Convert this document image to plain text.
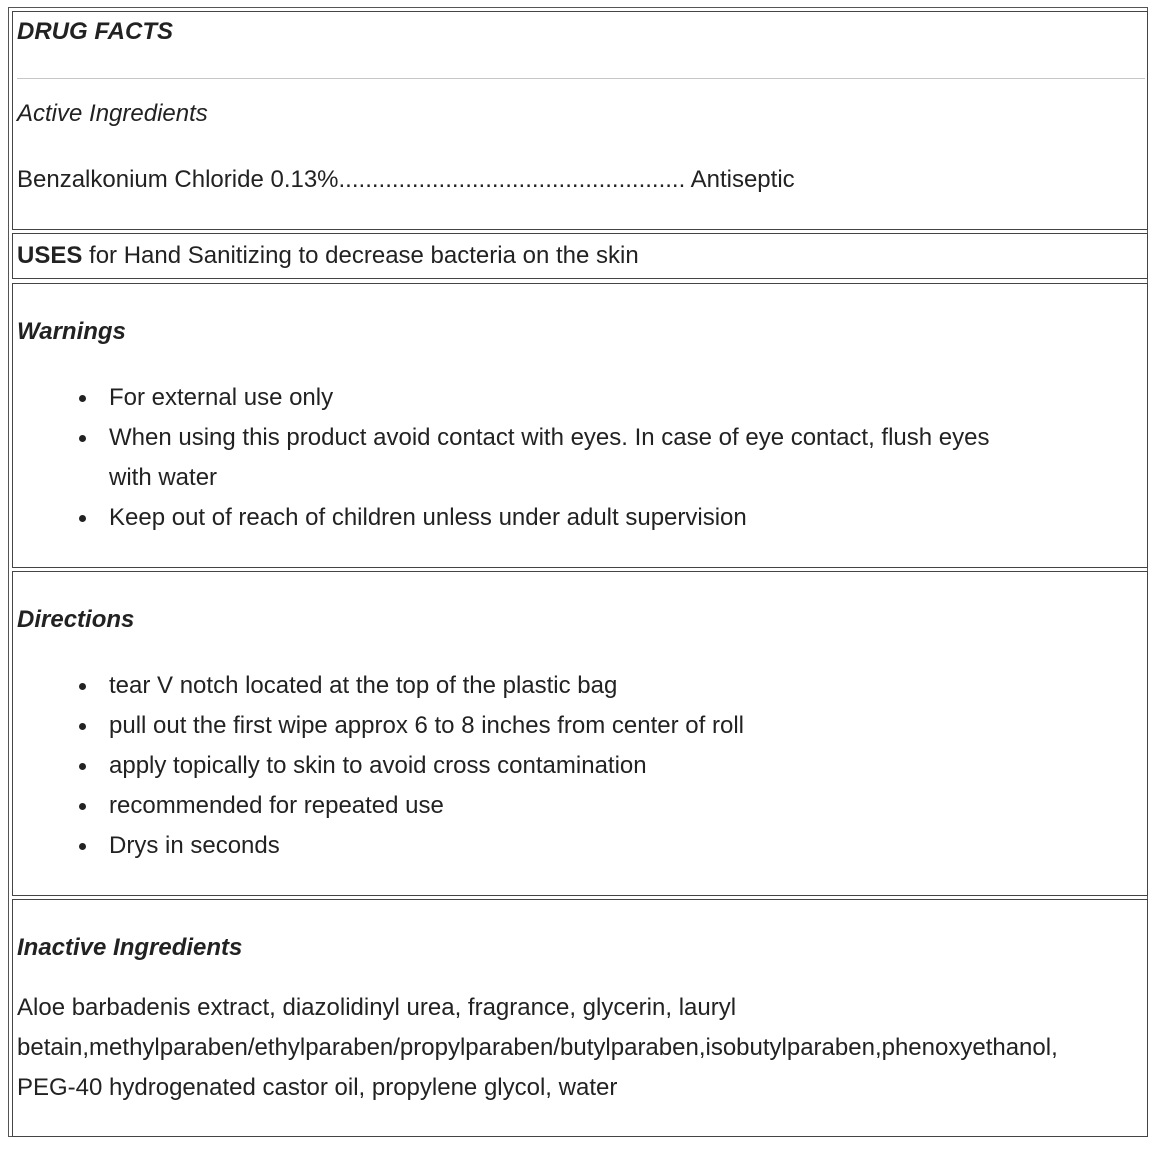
DRUG FACTS
Active Ingredients
Benzalkonium Chloride 0.13%.................................................... Antiseptic
USES for Hand Sanitizing to decrease bacteria on the skin
Warnings
For external use only
When using this product avoid contact with eyes. In case of eye contact, flush eyes
with water
Keep out of reach of children unless under adult supervision
Directions
tear V notch located at the top of the plastic bag
pull out the first wipe approx 6 to 8 inches from center of roll
apply topically to skin to avoid cross contamination
recommended for repeated use
Drys in seconds
Inactive Ingredients
Aloe barbadenis extract, diazolidinyl urea, fragrance, glycerin, lauryl
betain,methylparaben/ethylparaben/propylparaben/butylparaben,isobutylparaben,phenoxyethanol,
PEG-40 hydrogenated castor oil, propylene glycol, water
